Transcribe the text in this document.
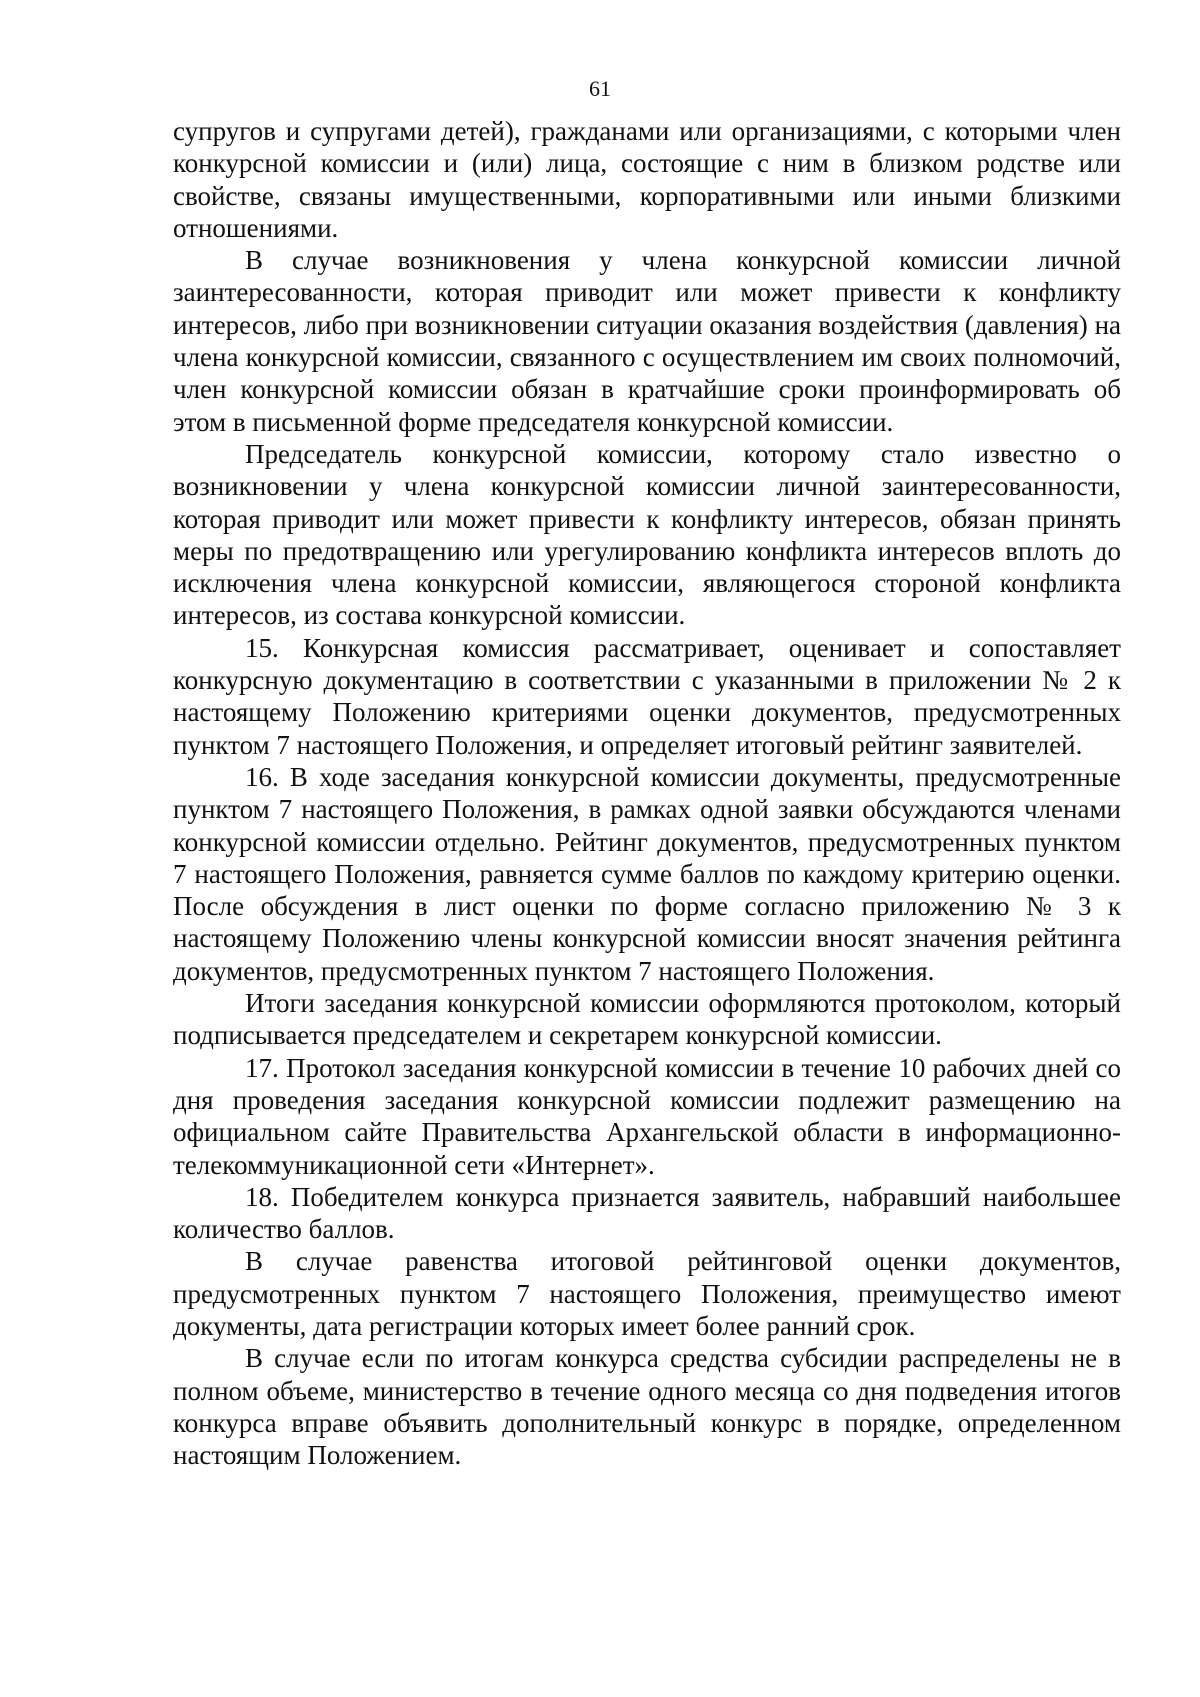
61

супругов и супругами детей), гражданами или организациями, с которыми член конкурсной комиссии и (или) лица, состоящие с ним в близком родстве или свойстве, связаны имущественными, корпоративными или иными близкими отношениями.

В случае возникновения у члена конкурсной комиссии личной заинтересованности, которая приводит или может привести к конфликту интересов, либо при возникновении ситуации оказания воздействия (давления) на члена конкурсной комиссии, связанного с осуществлением им своих полномочий, член конкурсной комиссии обязан в кратчайшие сроки проинформировать об этом в письменной форме председателя конкурсной комиссии.

Председатель конкурсной комиссии, которому стало известно о возникновении у члена конкурсной комиссии личной заинтересованности, которая приводит или может привести к конфликту интересов, обязан принять меры по предотвращению или урегулированию конфликта интересов вплоть до исключения члена конкурсной комиссии, являющегося стороной конфликта интересов, из состава конкурсной комиссии.

15. Конкурсная комиссия рассматривает, оценивает и сопоставляет конкурсную документацию в соответствии с указанными в приложении № 2 к настоящему Положению критериями оценки документов, предусмотренных пунктом 7 настоящего Положения, и определяет итоговый рейтинг заявителей.

16. В ходе заседания конкурсной комиссии документы, предусмотренные пунктом 7 настоящего Положения, в рамках одной заявки обсуждаются членами конкурсной комиссии отдельно. Рейтинг документов, предусмотренных пунктом 7 настоящего Положения, равняется сумме баллов по каждому критерию оценки. После обсуждения в лист оценки по форме согласно приложению № 3 к настоящему Положению члены конкурсной комиссии вносят значения рейтинга документов, предусмотренных пунктом 7 настоящего Положения.

Итоги заседания конкурсной комиссии оформляются протоколом, который подписывается председателем и секретарем конкурсной комиссии.

17. Протокол заседания конкурсной комиссии в течение 10 рабочих дней со дня проведения заседания конкурсной комиссии подлежит размещению на официальном сайте Правительства Архангельской области в информационно-телекоммуникационной сети «Интернет».

18. Победителем конкурса признается заявитель, набравший наибольшее количество баллов.

В случае равенства итоговой рейтинговой оценки документов, предусмотренных пунктом 7 настоящего Положения, преимущество имеют документы, дата регистрации которых имеет более ранний срок.

В случае если по итогам конкурса средства субсидии распределены не в полном объеме, министерство в течение одного месяца со дня подведения итогов конкурса вправе объявить дополнительный конкурс в порядке, определенном настоящим Положением.
